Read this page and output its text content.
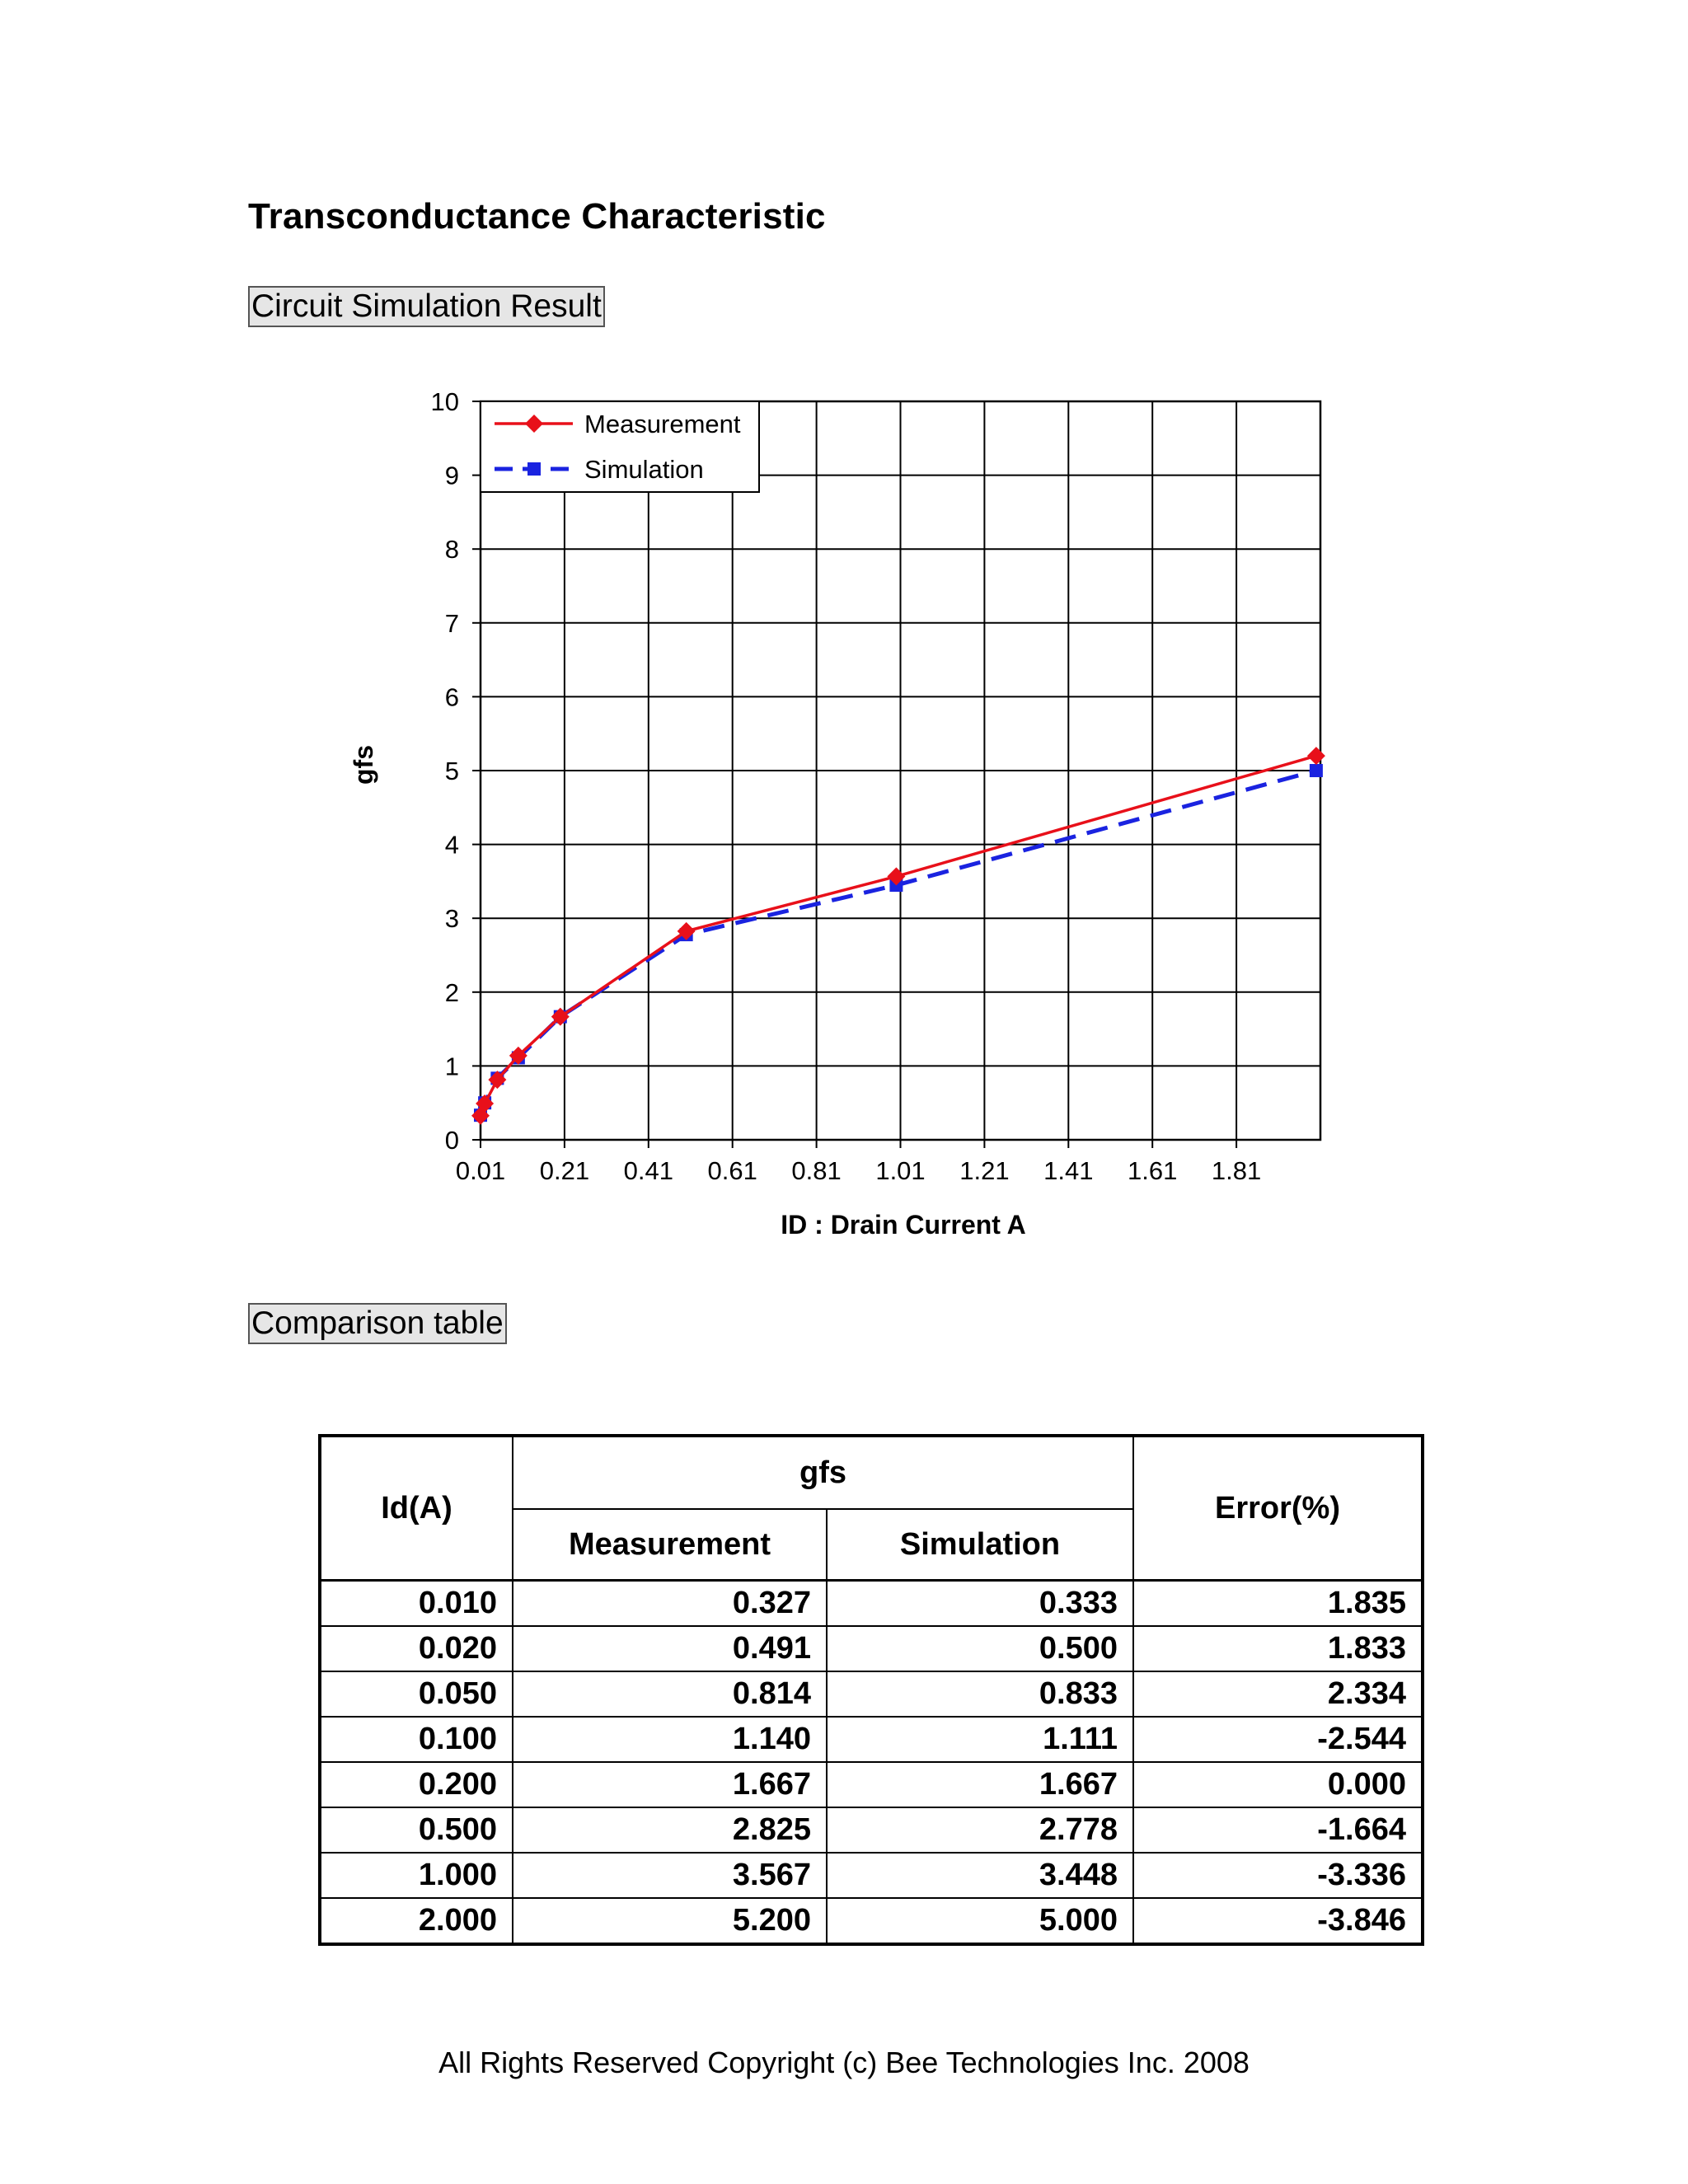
Transconductance Characteristic
Circuit Simulation Result
0
1
2
3
4
5
6
7
8
9
10
0.01 0.21 0.41 0.61 0.81 1.01 1.21 1.41 1.61 1.81
Measurement
Simulation
gfs
ID : Drain Current A
Comparison table
Id(A)	gfs		Error(%)
	Measurement	Simulation	
0.010	0.327	0.333	1.835
0.020	0.491	0.500	1.833
0.050	0.814	0.833	2.334
0.100	1.140	1.111	-2.544
0.200	1.667	1.667	0.000
0.500	2.825	2.778	-1.664
1.000	3.567	3.448	-3.336
2.000	5.200	5.000	-3.846
All Rights Reserved Copyright (c) Bee Technologies Inc. 2008
